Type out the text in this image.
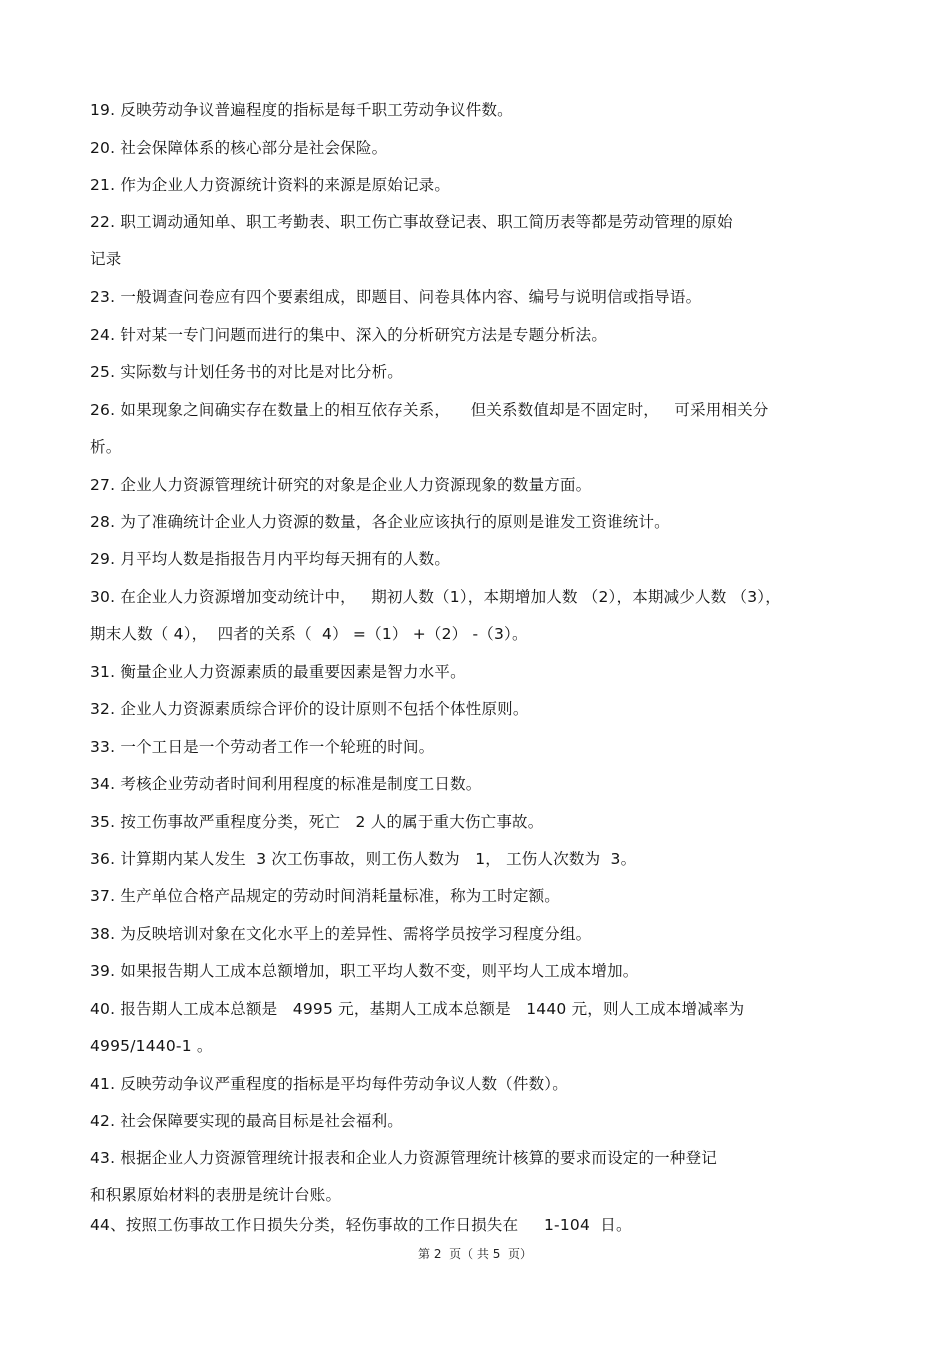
19. 反映劳动争议普遍程度的指标是每千职工劳动争议件数。
20. 社会保障体系的核心部分是社会保险。
21. 作为企业人力资源统计资料的来源是原始记录。
22. 职工调动通知单、职工考勤表、职工伤亡事故登记表、职工简历表等都是劳动管理的原始
记录
23. 一般调查问卷应有四个要素组成，即题目、问卷具体内容、编号与说明信或指导语。
24. 针对某一专门问题而进行的集中、深入的分析研究方法是专题分析法。
25. 实际数与计划任务书的对比是对比分析。
26. 如果现象之间确实存在数量上的相互依存关系，    但关系数值却是不固定时，   可采用相关分
析。
27. 企业人力资源管理统计研究的对象是企业人力资源现象的数量方面。
28. 为了准确统计企业人力资源的数量，各企业应该执行的原则是谁发工资谁统计。
29. 月平均人数是指报告月内平均每天拥有的人数。
30. 在企业人力资源增加变动统计中，   期初人数（1），本期增加人数 （2），本期减少人数 （3），
期末人数（ 4），  四者的关系（  4） =（1） +（2） -（3）。
31. 衡量企业人力资源素质的最重要因素是智力水平。
32. 企业人力资源素质综合评价的设计原则不包括个体性原则。
33. 一个工日是一个劳动者工作一个轮班的时间。
34. 考核企业劳动者时间利用程度的标准是制度工日数。
35. 按工伤事故严重程度分类，死亡   2 人的属于重大伤亡事故。
36. 计算期内某人发生  3 次工伤事故，则工伤人数为   1， 工伤人次数为  3。
37. 生产单位合格产品规定的劳动时间消耗量标准，称为工时定额。
38. 为反映培训对象在文化水平上的差异性、需将学员按学习程度分组。
39. 如果报告期人工成本总额增加，职工平均人数不变，则平均人工成本增加。
40. 报告期人工成本总额是   4995 元，基期人工成本总额是   1440 元，则人工成本增减率为
4995/1440-1 。
41. 反映劳动争议严重程度的指标是平均每件劳动争议人数（件数）。
42. 社会保障要实现的最高目标是社会福利。
43. 根据企业人力资源管理统计报表和企业人力资源管理统计核算的要求而设定的一种登记
和积累原始材料的表册是统计台账。
44、按照工伤事故工作日损失分类，轻伤事故的工作日损失在     1-104  日。
第 2  页（ 共 5  页）
